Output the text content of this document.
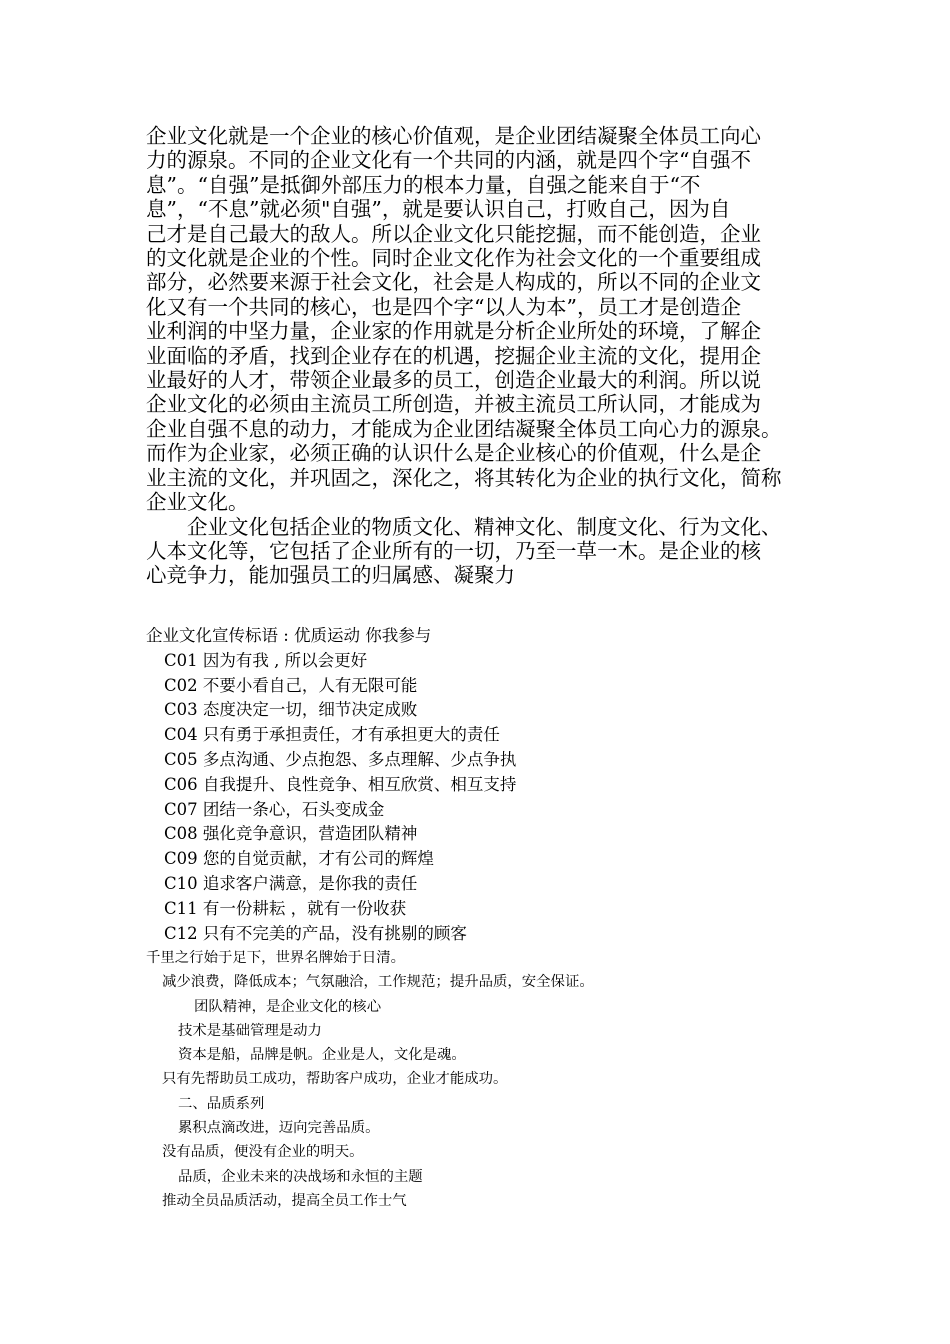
企业文化就是一个企业的核心价值观，是企业团结凝聚全体员工向心
力的源泉。不同的企业文化有一个共同的内涵，就是四个字“自强不
息”。“自强”是抵御外部压力的根本力量，自强之能来自于“不
息”，“不息”就必须"自强”，就是要认识自己，打败自己，因为自
己才是自己最大的敌人。所以企业文化只能挖掘，而不能创造，企业
的文化就是企业的个性。同时企业文化作为社会文化的一个重要组成
部分，必然要来源于社会文化，社会是人构成的，所以不同的企业文
化又有一个共同的核心，也是四个字“以人为本”，员工才是创造企
业利润的中坚力量，企业家的作用就是分析企业所处的环境，了解企
业面临的矛盾，找到企业存在的机遇，挖掘企业主流的文化，提用企
业最好的人才，带领企业最多的员工，创造企业最大的利润。所以说
企业文化的必须由主流员工所创造，并被主流员工所认同，才能成为
企业自强不息的动力，才能成为企业团结凝聚全体员工向心力的源泉。
而作为企业家，必须正确的认识什么是企业核心的价值观，什么是企
业主流的文化，并巩固之，深化之，将其转化为企业的执行文化，简称
企业文化。
　　企业文化包括企业的物质文化、精神文化、制度文化、行为文化、
人本文化等，它包括了企业所有的一切，乃至一草一木。是企业的核
心竞争力，能加强员工的归属感、凝聚力
企业文化宣传标语 : 优质运动 你我参与
C01 因为有我 , 所以会更好
C02 不要小看自己，人有无限可能
C03 态度决定一切，细节决定成败
C04 只有勇于承担责任，才有承担更大的责任
C05 多点沟通、少点抱怨、多点理解、少点争执
C06 自我提升、良性竞争、相互欣赏、相互支持
C07 团结一条心，石头变成金
C08 强化竞争意识，营造团队精神
C09 您的自觉贡献，才有公司的辉煌
C10 追求客户满意，是你我的责任
C11 有一份耕耘 ，就有一份收获
C12 只有不完美的产品，没有挑剔的顾客
千里之行始于足下，世界名牌始于日清。
减少浪费，降低成本；气氛融洽，工作规范；提升品质，安全保证。
团队精神，是企业文化的核心
技术是基础管理是动力
资本是船，品牌是帆。企业是人，文化是魂。
只有先帮助员工成功，帮助客户成功，企业才能成功。
二、品质系列
累积点滴改进，迈向完善品质。
没有品质，便没有企业的明天。
品质，企业未来的决战场和永恒的主题
推动全员品质活动，提高全员工作士气
